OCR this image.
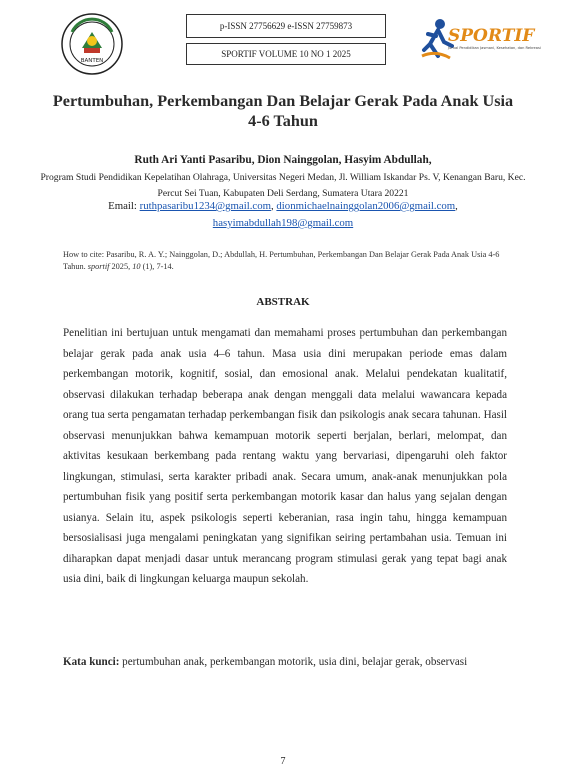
BANTEN
p-ISSN 27756629 e-ISSN 27759873
SPORTIF VOLUME 10 NO 1 2025
SPORTIF
Jurnal Pendidikan Jasmani, Kesehatan, dan Rekreasi
Pertumbuhan, Perkembangan Dan Belajar Gerak Pada Anak Usia 4-6 Tahun
Ruth Ari Yanti Pasaribu, Dion Nainggolan, Hasyim Abdullah,
Program Studi Pendidikan Kepelatihan Olahraga, Universitas Negeri Medan, Jl. William Iskandar Ps. V, Kenangan Baru, Kec. Percut Sei Tuan, Kabupaten Deli Serdang, Sumatera Utara 20221
Email: ruthpasaribu1234@gmail.com, dionmichaelnainggolan2006@gmail.com,
hasyimabdullah198@gmail.com
How to cite: Pasaribu, R. A. Y.; Nainggolan, D.; Abdullah, H. Pertumbuhan, Perkembangan Dan Belajar Gerak Pada Anak Usia 4-6 Tahun. sportif 2025, 10 (1), 7-14.
ABSTRAK
Penelitian ini bertujuan untuk mengamati dan memahami proses pertumbuhan dan perkembangan belajar gerak pada anak usia 4–6 tahun. Masa usia dini merupakan periode emas dalam perkembangan motorik, kognitif, sosial, dan emosional anak. Melalui pendekatan kualitatif, observasi dilakukan terhadap beberapa anak dengan menggali data melalui wawancara kepada orang tua serta pengamatan terhadap perkembangan fisik dan psikologis anak secara tahunan. Hasil observasi menunjukkan bahwa kemampuan motorik seperti berjalan, berlari, melompat, dan aktivitas kesukaan berkembang pada rentang waktu yang bervariasi, dipengaruhi oleh faktor lingkungan, stimulasi, serta karakter pribadi anak. Secara umum, anak-anak menunjukkan pola pertumbuhan fisik yang positif serta perkembangan motorik kasar dan halus yang sejalan dengan usianya. Selain itu, aspek psikologis seperti keberanian, rasa ingin tahu, hingga kemampuan bersosialisasi juga mengalami peningkatan yang signifikan seiring pertambahan usia. Temuan ini diharapkan dapat menjadi dasar untuk merancang program stimulasi gerak yang tepat bagi anak usia dini, baik di lingkungan keluarga maupun sekolah.
Kata kunci: pertumbuhan anak, perkembangan motorik, usia dini, belajar gerak, observasi
7
